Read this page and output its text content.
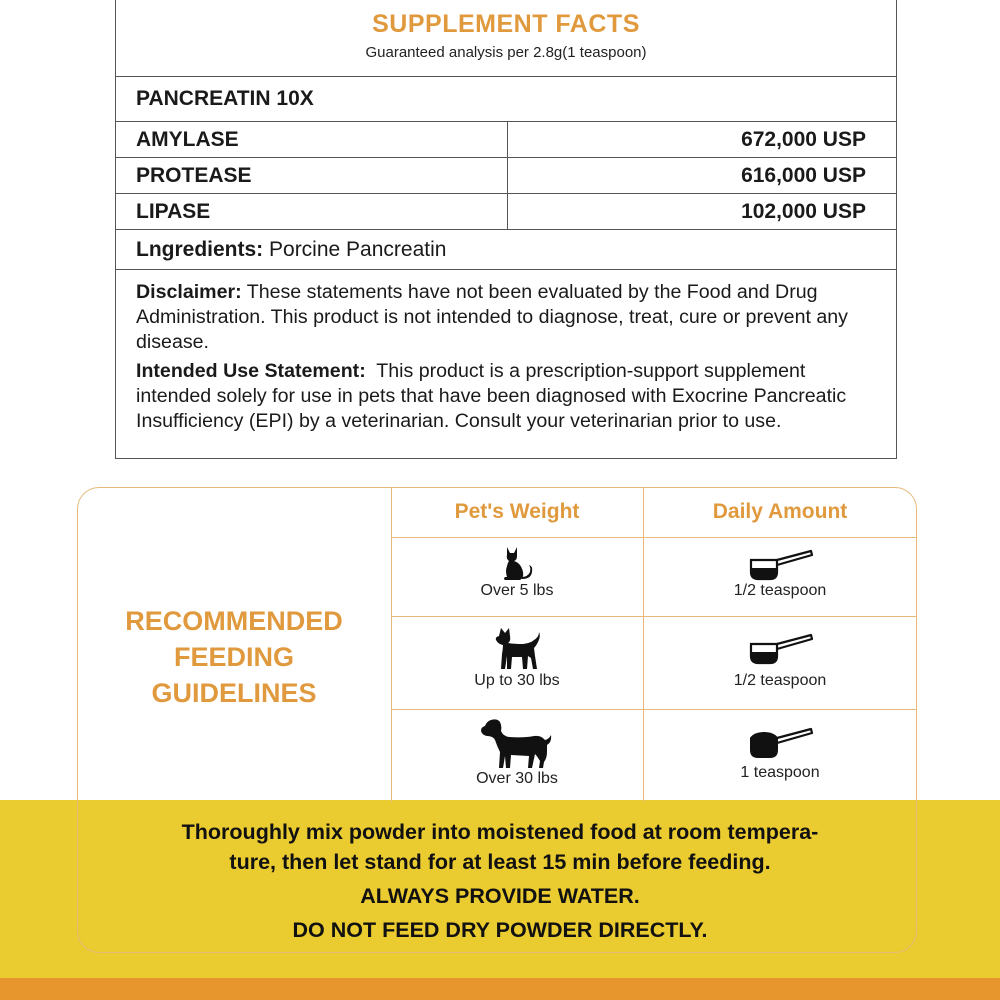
SUPPLEMENT FACTS
Guaranteed analysis per 2.8g(1 teaspoon)
PANCREATIN 10X
AMYLASE	672,000 USP
PROTEASE	616,000 USP
LIPASE	102,000 USP
Lngredients: Porcine Pancreatin

Disclaimer: These statements have not been evaluated by the Food and Drug Administration. This product is not intended to diagnose, treat, cure or prevent any disease.

Intended Use Statement:  This product is a prescription-support supplement intended solely for use in pets that have been diagnosed with Exocrine Pancreatic Insufficiency (EPI) by a veterinarian. Consult your veterinarian prior to use.

RECOMMENDED
FEEDING
GUIDELINES
Pet's Weight	Daily Amount
Over 5 lbs	1/2 teaspoon
Up to 30 lbs	1/2 teaspoon
Over 30 lbs	1 teaspoon
Thoroughly mix powder into moistened food at room tempera-
ture, then let stand for at least 15 min before feeding.
ALWAYS PROVIDE WATER.
DO NOT FEED DRY POWDER DIRECTLY.
